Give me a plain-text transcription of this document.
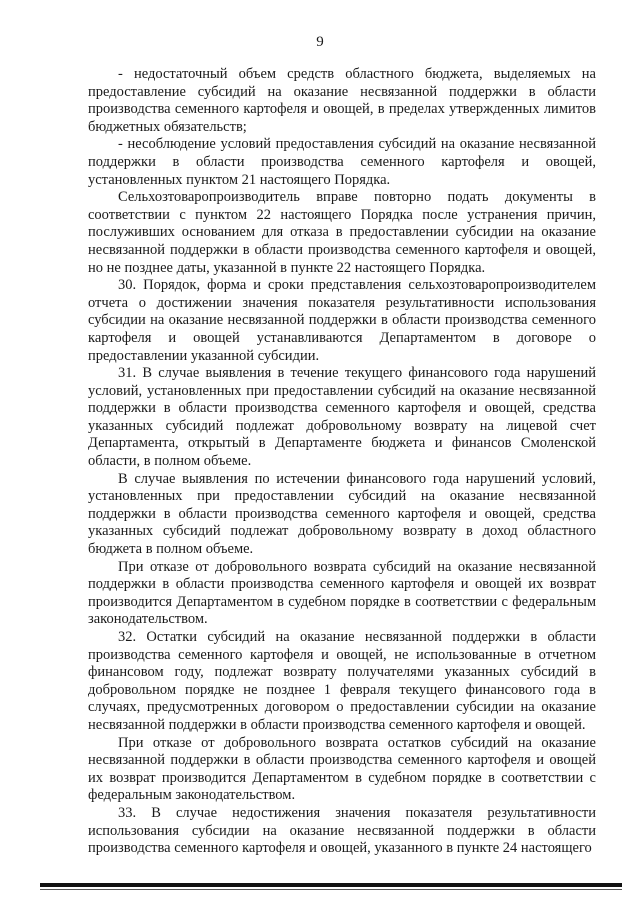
9

- недостаточный объем средств областного бюджета, выделяемых на предоставление субсидий на оказание несвязанной поддержки в области производства семенного картофеля и овощей, в пределах утвержденных лимитов бюджетных обязательств;

- несоблюдение условий предоставления субсидий на оказание несвязанной поддержки в области производства семенного картофеля и овощей, установленных пунктом 21 настоящего Порядка.

Сельхозтоваропроизводитель вправе повторно подать документы в соответствии с пунктом 22 настоящего Порядка после устранения причин, послуживших основанием для отказа в предоставлении субсидии на оказание несвязанной поддержки в области производства семенного картофеля и овощей, но не позднее даты, указанной в пункте 22 настоящего Порядка.

30. Порядок, форма и сроки представления сельхозтоваропроизводителем отчета о достижении значения показателя результативности использования субсидии на оказание несвязанной поддержки в области производства семенного картофеля и овощей устанавливаются Департаментом в договоре о предоставлении указанной субсидии.

31. В случае выявления в течение текущего финансового года нарушений условий, установленных при предоставлении субсидий на оказание несвязанной поддержки в области производства семенного картофеля и овощей, средства указанных субсидий подлежат добровольному возврату на лицевой счет Департамента, открытый в Департаменте бюджета и финансов Смоленской области, в полном объеме.

В случае выявления по истечении финансового года нарушений условий, установленных при предоставлении субсидий на оказание несвязанной поддержки в области производства семенного картофеля и овощей, средства указанных субсидий подлежат добровольному возврату в доход областного бюджета в полном объеме.

При отказе от добровольного возврата субсидий на оказание несвязанной поддержки в области производства семенного картофеля и овощей их возврат производится Департаментом в судебном порядке в соответствии с федеральным законодательством.

32. Остатки субсидий на оказание несвязанной поддержки в области производства семенного картофеля и овощей, не использованные в отчетном финансовом году, подлежат возврату получателями указанных субсидий в добровольном порядке не позднее 1 февраля текущего финансового года в случаях, предусмотренных договором о предоставлении субсидии на оказание несвязанной поддержки в области производства семенного картофеля и овощей.

При отказе от добровольного возврата остатков субсидий на оказание несвязанной поддержки в области производства семенного картофеля и овощей их возврат производится Департаментом в судебном порядке в соответствии с федеральным законодательством.

33. В случае недостижения значения показателя результативности использования субсидии на оказание несвязанной поддержки в области производства семенного картофеля и овощей, указанного в пункте 24 настоящего
